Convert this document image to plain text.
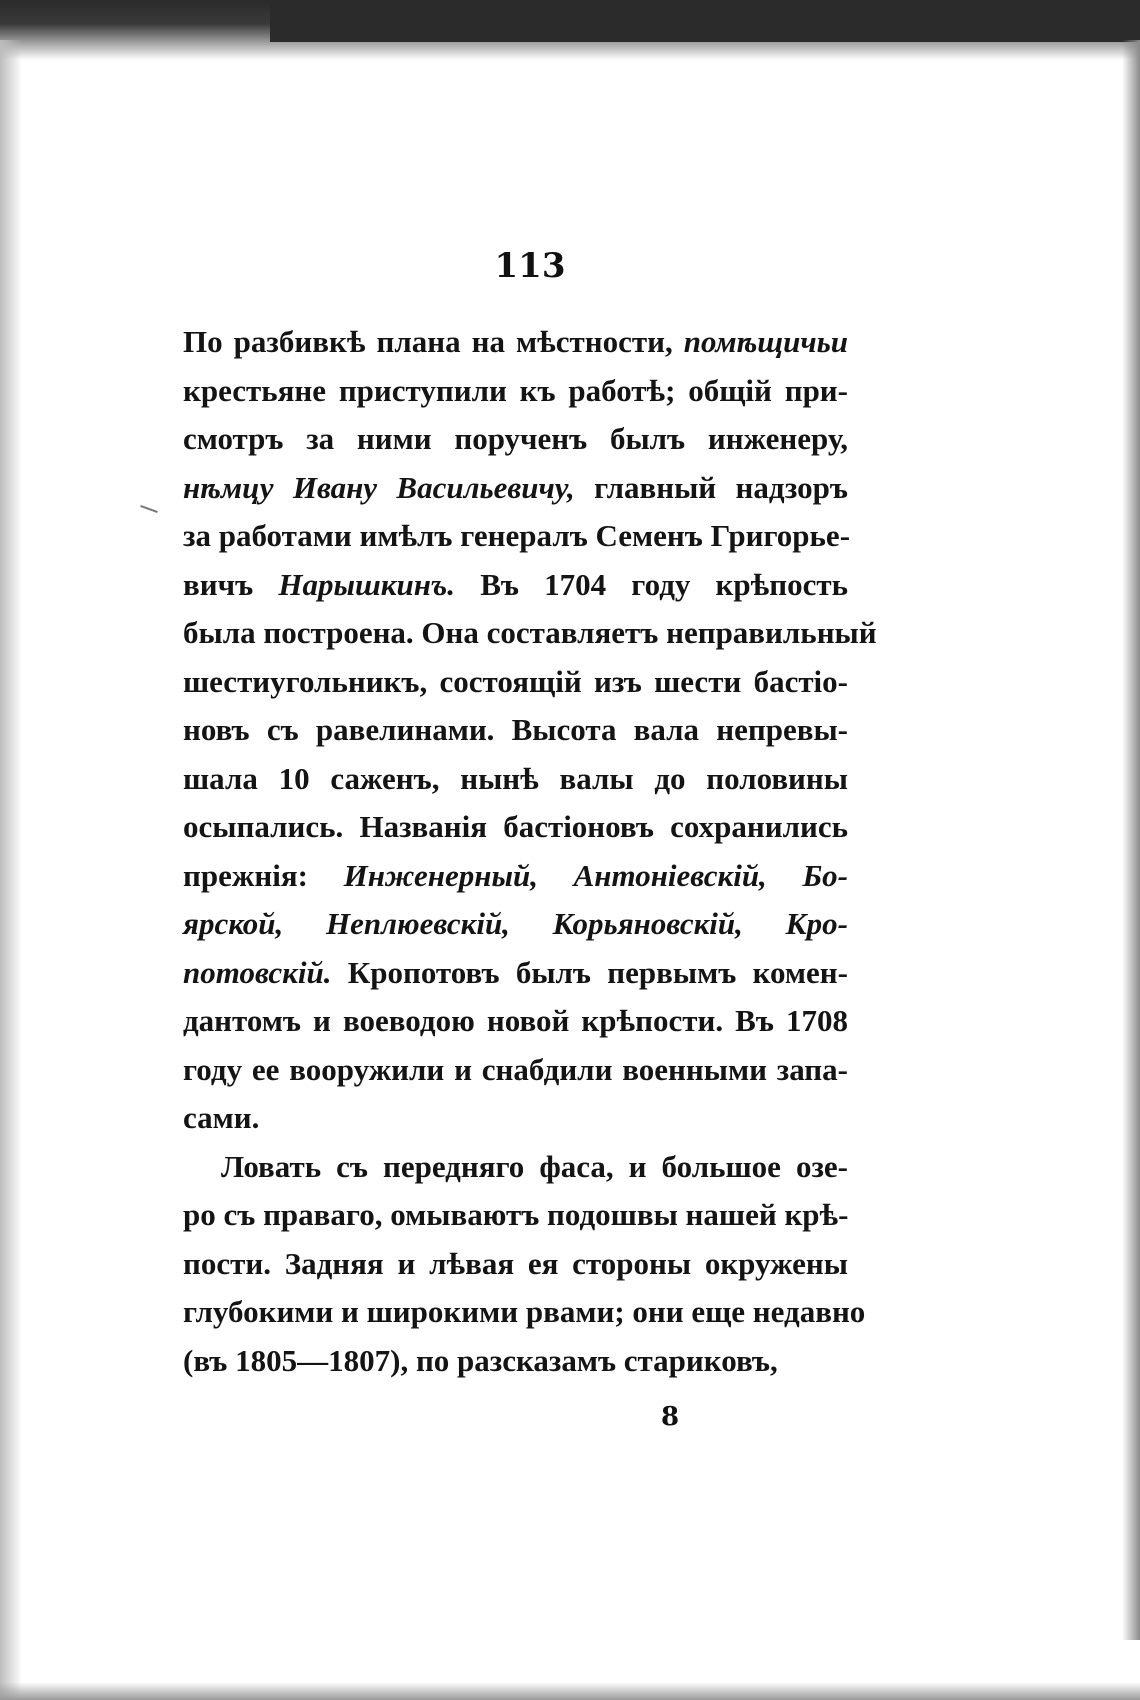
113
По разбивкѣ плана на мѣстности, помѣщичьи
крестьяне приступили къ работѣ; общій при-
смотръ за ними порученъ былъ инженеру,
нѣмцу Ивану Васильевичу, главный надзоръ
за работами имѣлъ генералъ Семенъ Григорье-
вичъ Нарышкинъ. Въ 1704 году крѣпость
была построена. Она составляетъ неправильный
шестиугольникъ, состоящій изъ шести бастіо-
новъ съ равелинами. Высота вала непревы-
шала 10 саженъ, нынѣ валы до половины
осыпались. Названія бастіоновъ сохранились
прежнія: Инженерный, Антоніевскій, Бо-
ярской, Неплюевскій, Корьяновскій, Кро-
потовскій. Кропотовъ былъ первымъ комен-
дантомъ и воеводою новой крѣпости. Въ 1708
году ее вооружили и снабдили военными запа-
сами.
Ловать съ передняго фаса, и большое озе-
ро съ праваго, омываютъ подошвы нашей крѣ-
пости. Задняя и лѣвая ея стороны окружены
глубокими и широкими рвами; они еще недавно
(въ 1805—1807), по разсказамъ стариковъ,
8
